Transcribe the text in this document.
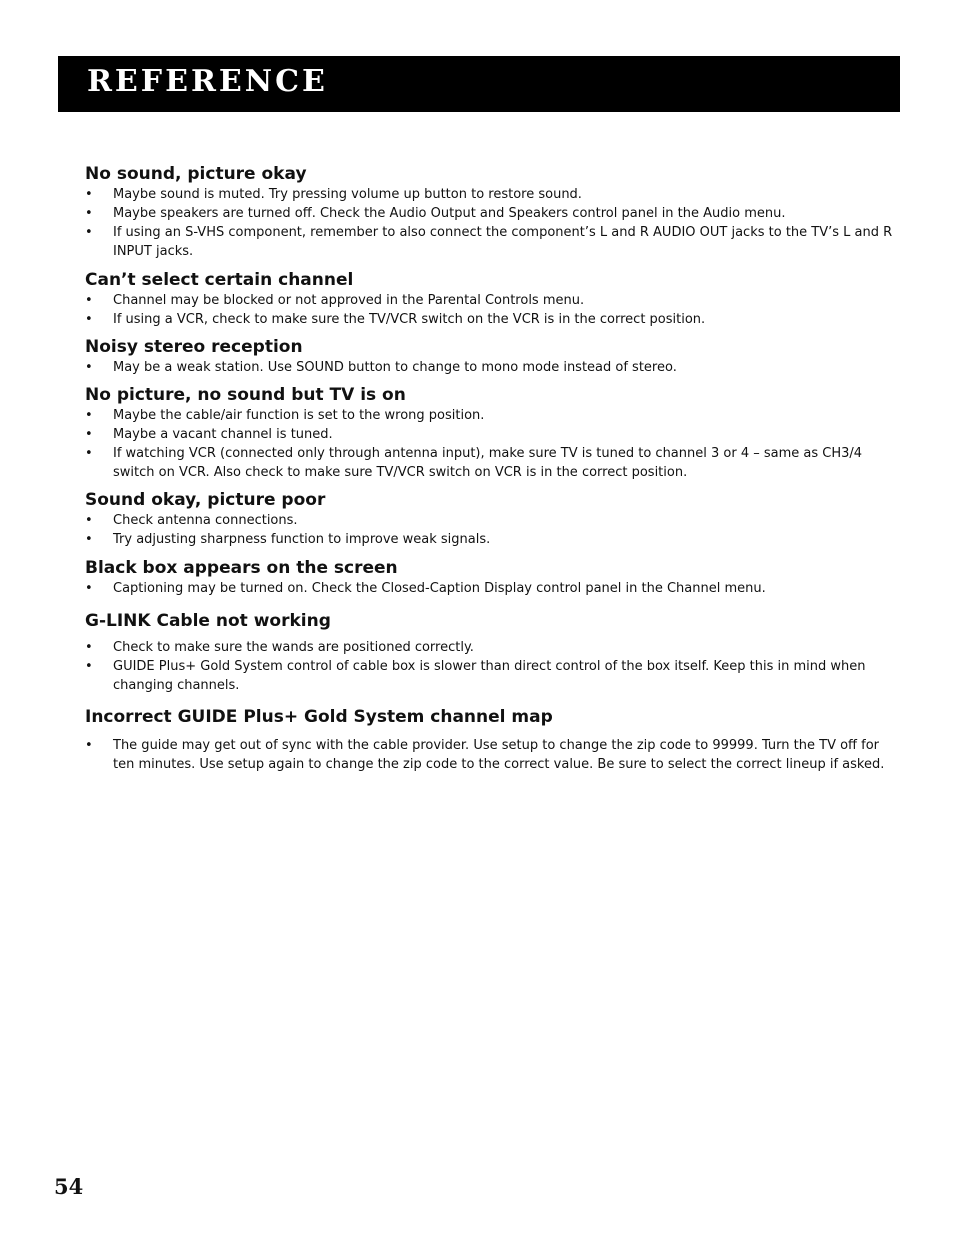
REFERENCE
No sound, picture okay
• Maybe sound is muted. Try pressing volume up button to restore sound.
• Maybe speakers are turned off. Check the Audio Output and Speakers control panel in the Audio menu.
• If using an S-VHS component, remember to also connect the component’s L and R AUDIO OUT jacks to the TV’s L and R INPUT jacks.
Can’t select certain channel
• Channel may be blocked or not approved in the Parental Controls menu.
• If using a VCR, check to make sure the TV/VCR switch on the VCR is in the correct position.
Noisy stereo reception
• May be a weak station. Use SOUND button to change to mono mode instead of stereo.
No picture, no sound but TV is on
• Maybe the cable/air function is set to the wrong position.
• Maybe a vacant channel is tuned.
• If watching VCR (connected only through antenna input), make sure TV is tuned to channel 3 or 4 – same as CH3/4 switch on VCR. Also check to make sure TV/VCR switch on VCR is in the correct position.
Sound okay, picture poor
• Check antenna connections.
• Try adjusting sharpness function to improve weak signals.
Black box appears on the screen
• Captioning may be turned on. Check the Closed-Caption Display control panel in the Channel menu.
G-LINK Cable not working
• Check to make sure the wands are positioned correctly.
• GUIDE Plus+ Gold System control of cable box is slower than direct control of the box itself. Keep this in mind when changing channels.
Incorrect GUIDE Plus+ Gold System channel map
• The guide may get out of sync with the cable provider. Use setup to change the zip code to 99999. Turn the TV off for ten minutes. Use setup again to change the zip code to the correct value. Be sure to select the correct lineup if asked.
54
